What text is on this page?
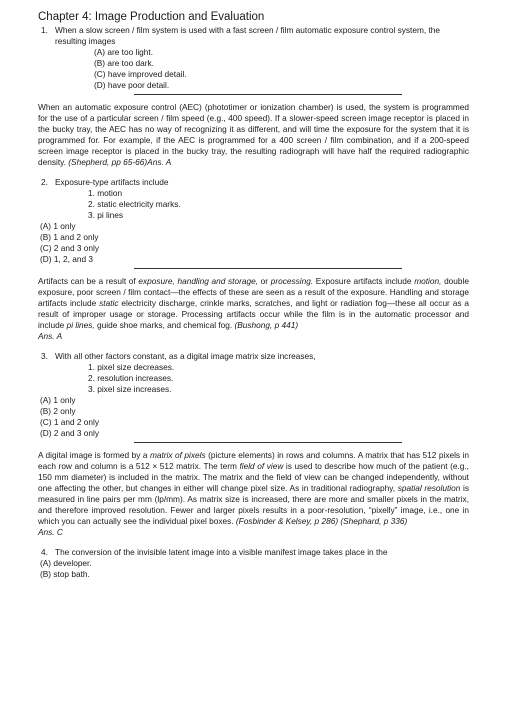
Chapter 4: Image Production and Evaluation
1. When a slow screen / film system is used with a fast screen / film automatic exposure control system, the resulting images
(A) are too light.
(B) are too dark.
(C) have improved detail.
(D) have poor detail.
When an automatic exposure control (AEC) (phototimer or ionization chamber) is used, the system is programmed for the use of a particular screen / film speed (e.g., 400 speed). If a slower-speed screen image receptor is placed in the bucky tray, the AEC has no way of recognizing it as different, and will time the exposure for the system that it is programmed for. For example, if the AEC is programmed for a 400 screen / film combination, and if a 200-speed screen image receptor is placed in the bucky tray, the resulting radiograph will have half the required radiographic density. (Shepherd, pp 65-66)Ans. A
2. Exposure-type artifacts include
1. motion
2. static electricity marks.
3. pi lines
(A) 1 only
(B) 1 and 2 only
(C) 2 and 3 only
(D) 1, 2, and 3
Artifacts can be a result of exposure, handling and storage, or processing. Exposure artifacts include motion, double exposure, poor screen / film contact—the effects of these are seen as a result of the exposure. Handling and storage artifacts include static electricity discharge, crinkle marks, scratches, and light or radiation fog—these all occur as a result of improper usage or storage. Processing artifacts occur while the film is in the automatic processor and include pi lines, guide shoe marks, and chemical fog. (Bushong, p 441)
Ans. A
3. With all other factors constant, as a digital image matrix size increases,
1. pixel size decreases.
2. resolution increases.
3. pixel size increases.
(A) 1 only
(B) 2 only
(C) 1 and 2 only
(D) 2 and 3 only
A digital image is formed by a matrix of pixels (picture elements) in rows and columns. A matrix that has 512 pixels in each row and column is a 512 × 512 matrix. The term field of view is used to describe how much of the patient (e.g., 150 mm diameter) is included in the matrix. The matrix and the field of view can be changed independently, without one affecting the other, but changes in either will change pixel size. As in traditional radiography, spatial resolution is measured in line pairs per mm (lp/mm). As matrix size is increased, there are more and smaller pixels in the matrix, and therefore improved resolution. Fewer and larger pixels results in a poor-resolution, “pixelly” image, i.e., one in which you can actually see the individual pixel boxes. (Fosbinder & Kelsey, p 286) (Shephard, p 336)
Ans. C
4. The conversion of the invisible latent image into a visible manifest image takes place in the
(A) developer.
(B) stop bath.
